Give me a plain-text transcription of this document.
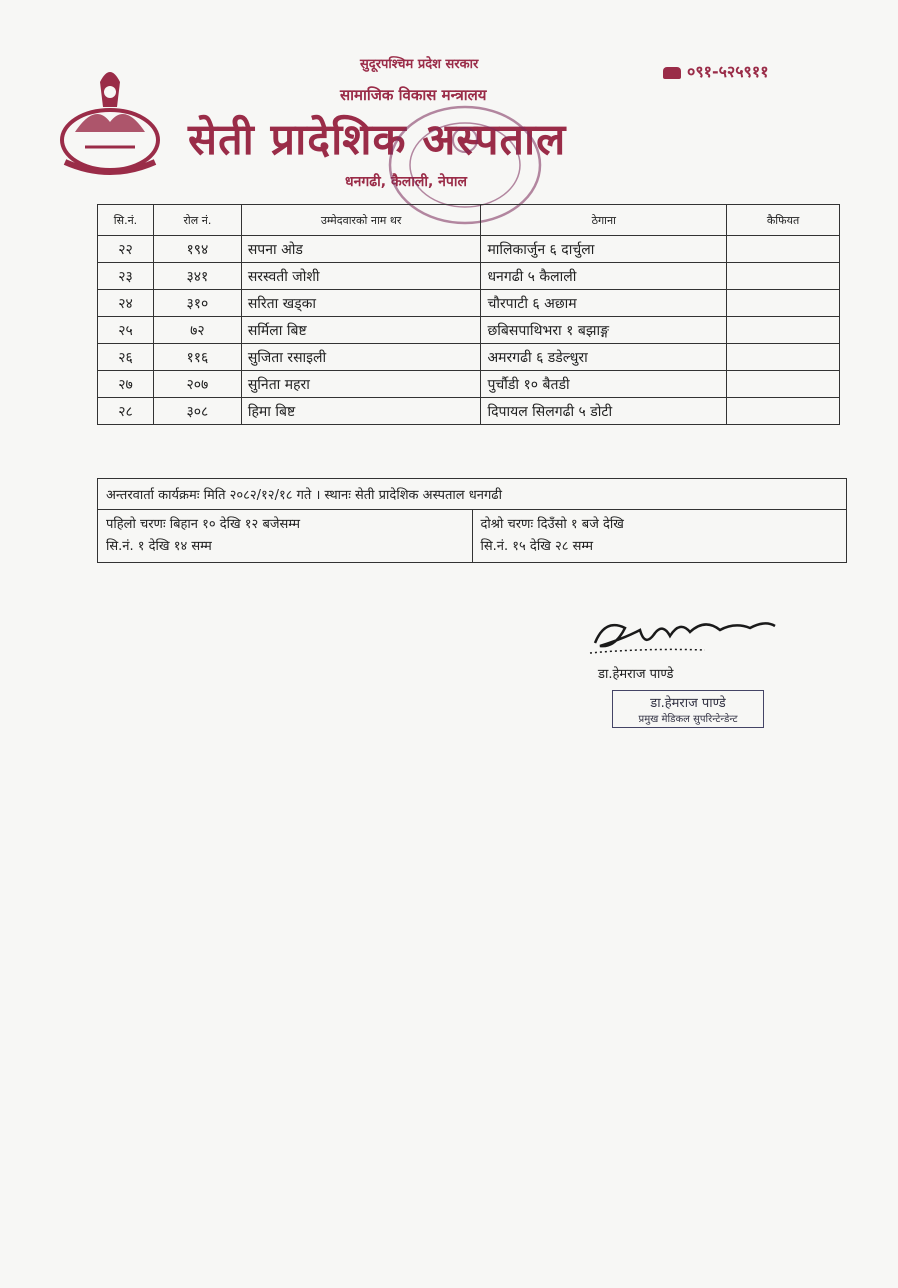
सुदूरपश्चिम प्रदेश सरकार
सामाजिक विकास मन्त्रालय
सेती प्रादेशिक अस्पताल
धनगढी, कैलाली, नेपाल
०९१-५२५९११
सि.नं.	रोल नं.	उम्मेदवारको नाम थर	ठेगाना	कैफियत
२२	१९४	सपना ओड	मालिकार्जुन ६ दार्चुला	
२३	३४१	सरस्वती जोशी	धनगढी ५ कैलाली	
२४	३१०	सरिता खड्का	चौरपाटी ६ अछाम	
२५	७२	सर्मिला बिष्ट	छबिसपाथिभरा १ बझाङ्ग	
२६	११६	सुजिता रसाइली	अमरगढी ६ डडेल्धुरा	
२७	२०७	सुनिता महरा	पुर्चौडी १० बैतडी	
२८	३०८	हिमा बिष्ट	दिपायल सिलगढी ५ डोटी	
अन्तरवार्ता कार्यक्रमः मिति २०८२/१२/१८ गते । स्थानः सेती प्रादेशिक अस्पताल धनगढी
पहिलो चरणः बिहान १० देखि १२ बजेसम्म
सि.नं. १ देखि १४ सम्म
दोश्रो चरणः दिउँसो १ बजे देखि
सि.नं. १५ देखि २८ सम्म
डा.हेमराज पाण्डे
डा.हेमराज पाण्डे
प्रमुख मेडिकल सुपरिन्टेन्डेन्ट
